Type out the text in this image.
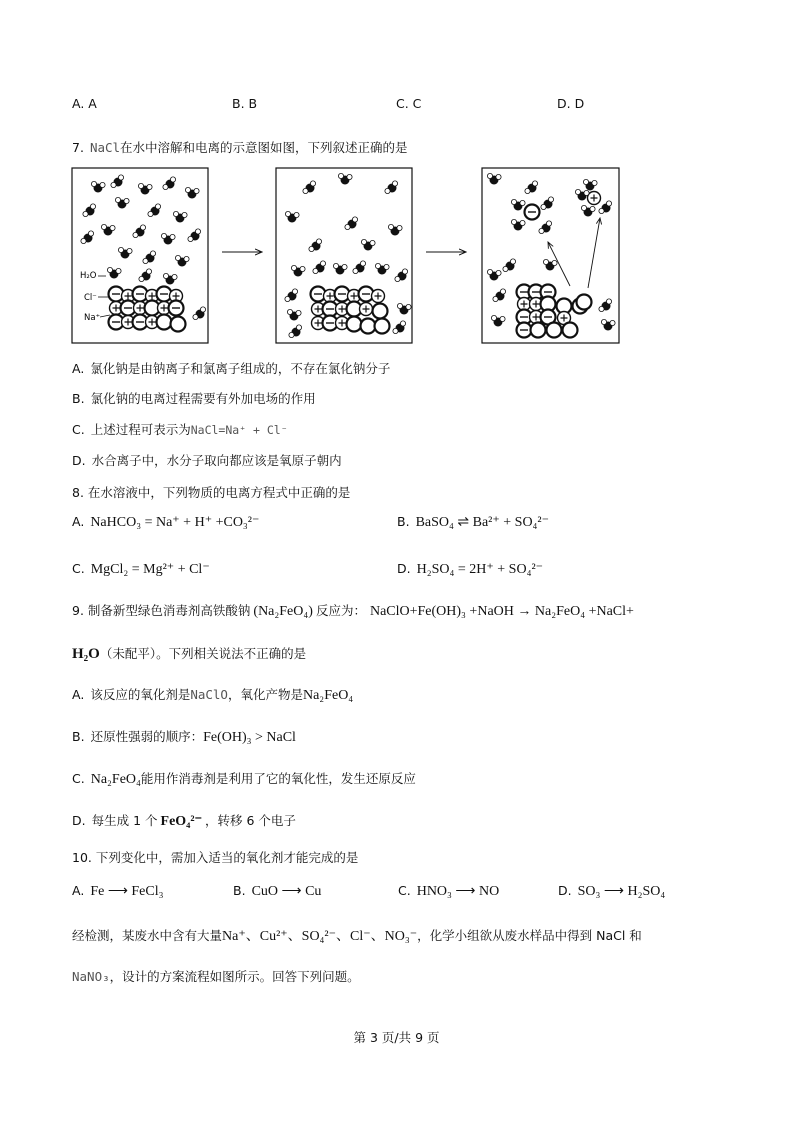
A. A	B. B	C. C	D. D
7. NaCl 在水中溶解和电离的示意图如图，下列叙述正确的是
H₂O
Cl⁻
Na⁺
A. 氯化钠是由钠离子和氯离子组成的，不存在氯化钠分子
B. 氯化钠的电离过程需要有外加电场的作用
C. 上述过程可表示为 NaCl=Na⁺ + Cl⁻
D. 水合离子中，水分子取向都应该是氧原子朝内
8. 在水溶液中，下列物质的电离方程式中正确的是
A. NaHCO₃ = Na⁺ + H⁺ +CO₃²⁻	B. BaSO₄ ⇌ Ba²⁺ + SO₄²⁻
C. MgCl₂ = Mg²⁺ + Cl⁻	D. H₂SO₄ = 2H⁺ + SO₄²⁻
9. 制备新型绿色消毒剂高铁酸钠 (Na₂FeO₄) 反应为： NaClO+Fe(OH)₃ +NaOH → Na₂FeO₄ +NaCl+
H₂O （未配平）。下列相关说法不正确的是
A. 该反应的氧化剂是 NaClO ，氧化产物是 Na₂FeO₄
B. 还原性强弱的顺序： Fe(OH)₃ > NaCl
C. Na₂FeO₄ 能用作消毒剂是利用了它的氧化性，发生还原反应
D. 每生成 1 个 FeO₄²⁻ ，转移 6 个电子
10. 下列变化中，需加入适当的氧化剂才能完成的是
A. Fe ⟶ FeCl₃	B. CuO ⟶ Cu	C. HNO₃ ⟶ NO	D. SO₃ ⟶ H₂SO₄
经检测，某废水中含有大量 Na⁺、Cu²⁺、SO₄²⁻、Cl⁻、NO₃⁻ ，化学小组欲从废水样品中得到 NaCl 和
NaNO₃ ，设计的方案流程如图所示。回答下列问题。
第 3 页/共 9 页
